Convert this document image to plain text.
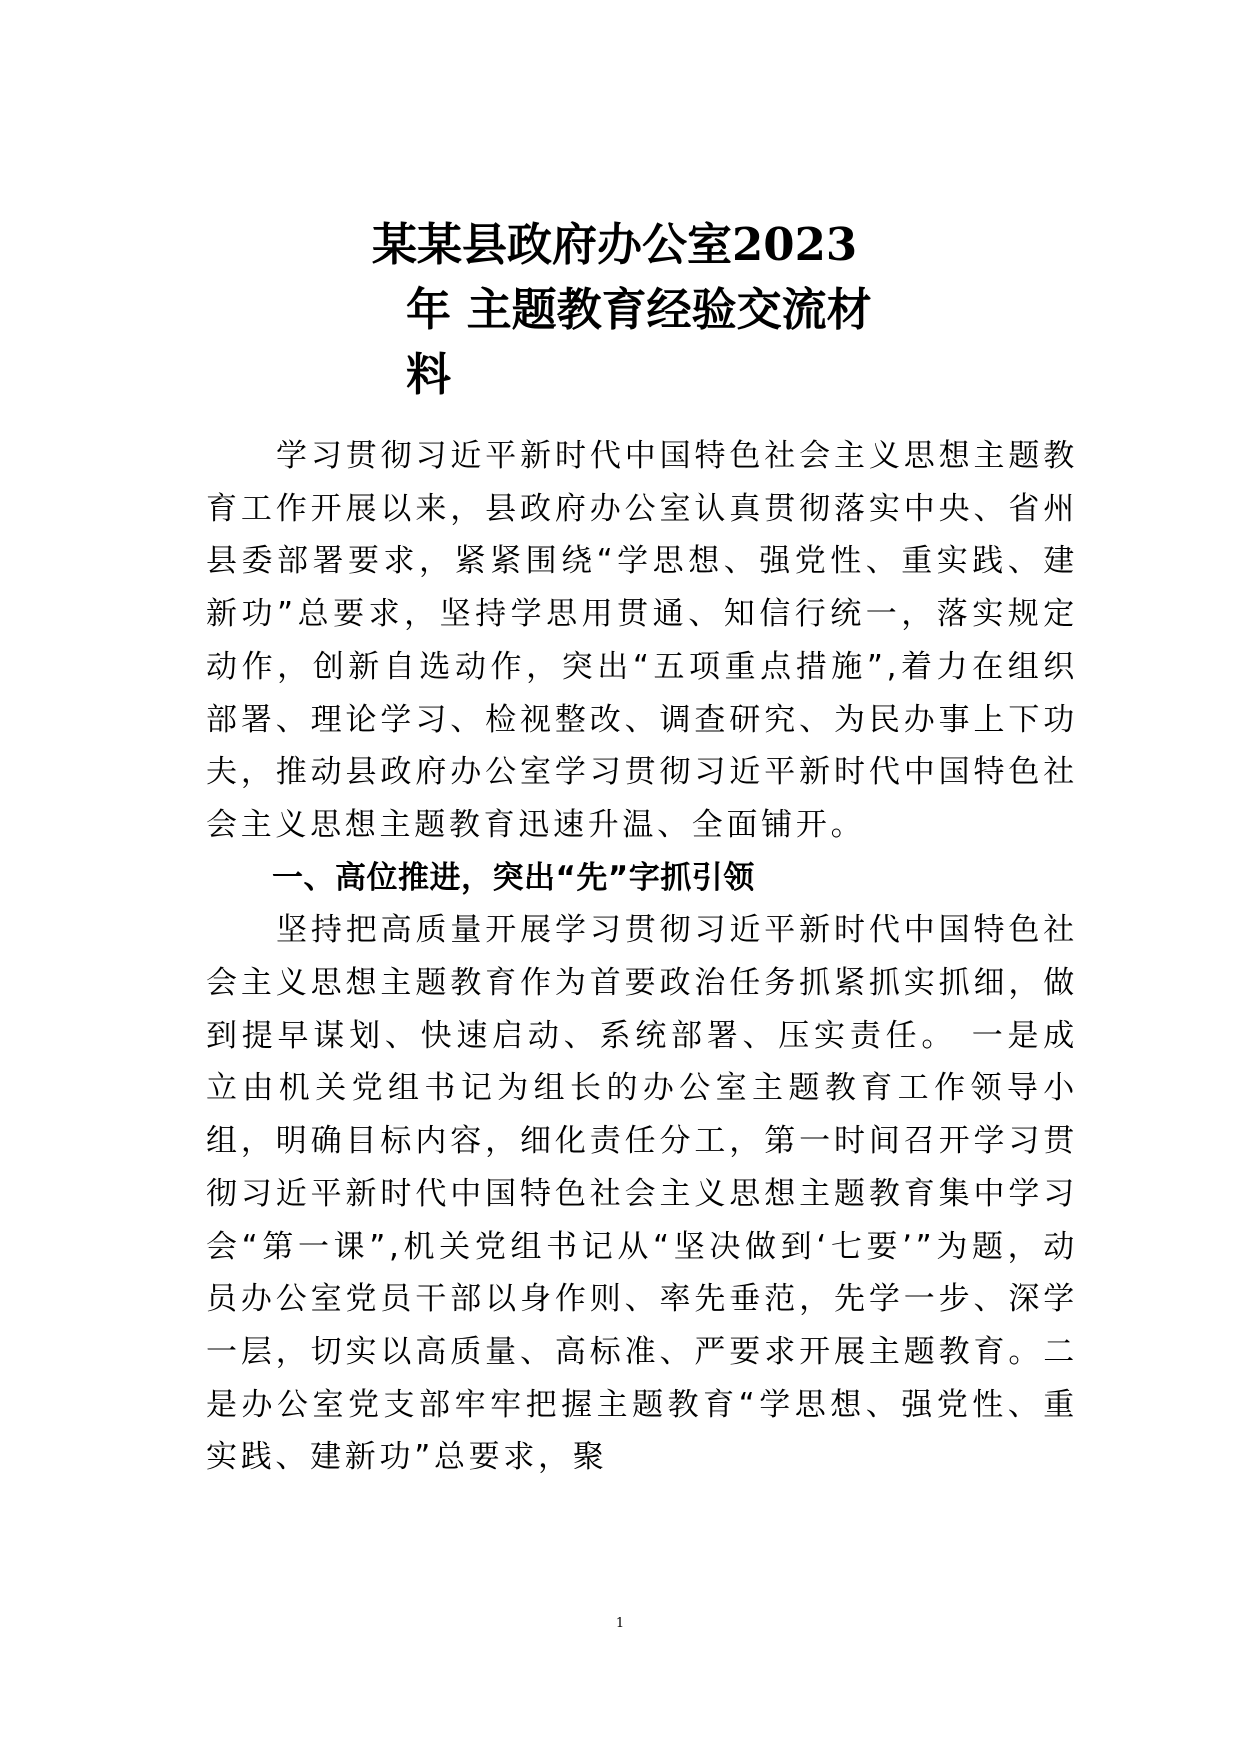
某某县政府办公室2023
年 主题教育经验交流材
料

学习贯彻习近平新时代中国特色社会主义思想主题教育工作开展以来，县政府办公室认真贯彻落实中央、省州县委部署要求，紧紧围绕“学思想、强党性、重实践、建新功”总要求，坚持学思用贯通、知信行统一，落实规定动作，创新自选动作，突出“五项重点措施”,着力在组织部署、理论学习、检视整改、调查研究、为民办事上下功夫，推动县政府办公室学习贯彻习近平新时代中国特色社会主义思想主题教育迅速升温、全面铺开。

一、高位推进，突出“先”字抓引领

坚持把高质量开展学习贯彻习近平新时代中国特色社会主义思想主题教育作为首要政治任务抓紧抓实抓细，做到提早谋划、快速启动、系统部署、压实责任。 一是成立由机关党组书记为组长的办公室主题教育工作领导小组，明确目标内容，细化责任分工，第一时间召开学习贯彻习近平新时代中国特色社会主义思想主题教育集中学习会“第一课”,机关党组书记从“坚决做到‘七要’”为题，动员办公室党员干部以身作则、率先垂范，先学一步、深学一层，切实以高质量、高标准、严要求开展主题教育。二是办公室党支部牢牢把握主题教育“学思想、强党性、重实践、建新功”总要求，聚

1
